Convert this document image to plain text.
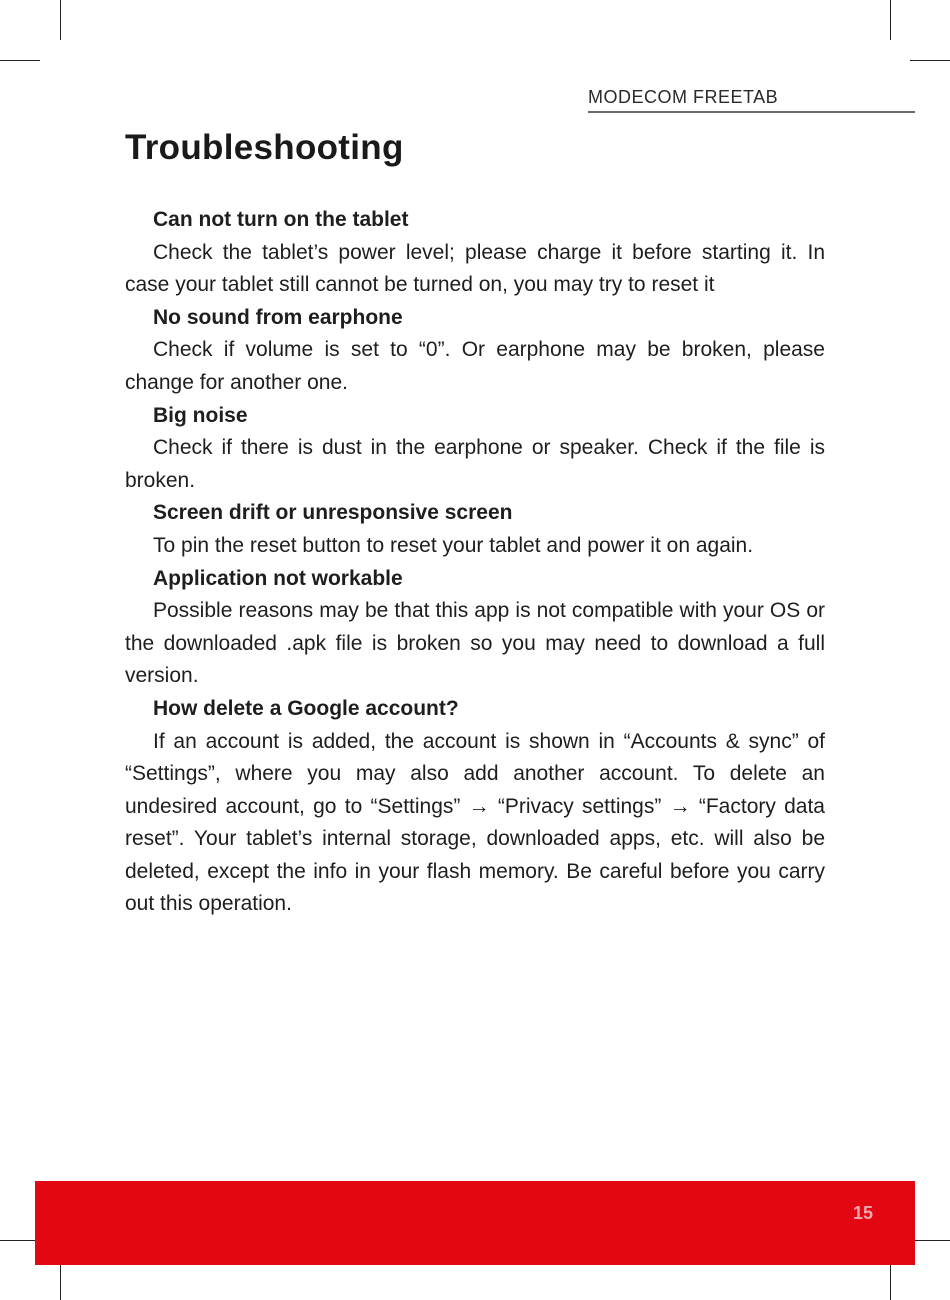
MODECOM FREETAB
Troubleshooting

Can not turn on the tablet

Check the tablet’s power level; please charge it before starting it. In case your tablet still cannot be turned on, you may try to reset it

No sound from earphone

Check if volume is set to “0”. Or earphone may be broken, please change for another one.

Big noise

Check if there is dust in the earphone or speaker. Check if the file is broken.

Screen drift or unresponsive screen

To pin the reset button to reset your tablet and power it on again.

Application not workable

Possible reasons may be that this app is not compatible with your OS or the downloaded .apk file is broken so you may need to download a full version.

How delete a Google account?

If an account is added, the account is shown in “Accounts & sync” of “Settings”, where you may also add another account. To delete an undesired account, go to “Settings” → “Privacy settings” → “Factory data reset”. Your tablet’s internal storage, downloaded apps, etc. will also be deleted, except the info in your flash memory. Be careful before you carry out this operation.

15
